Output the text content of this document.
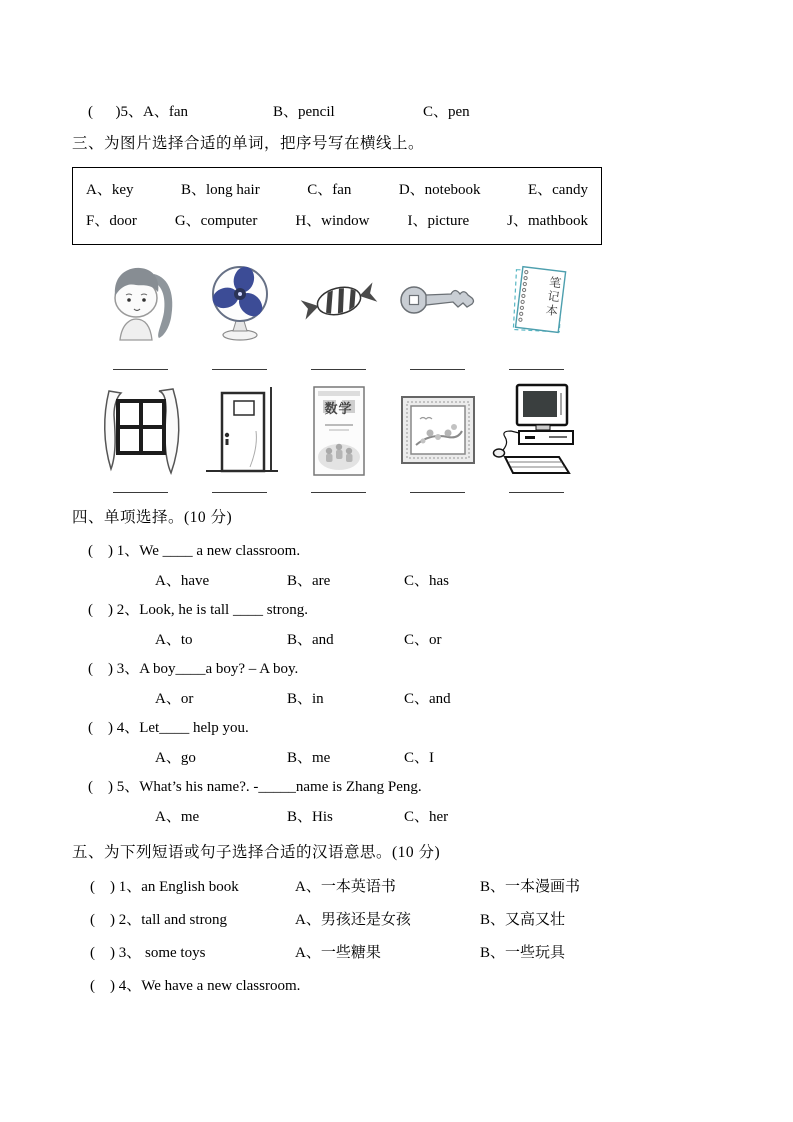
(      )5、 A、fan	B、pencil	C、pen
三、为图片选择合适的单词，把序号写在横线上。
A、key	B、long hair	C、fan	D、notebook	E、candy
F、door	G、computer	H、window	I、picture	J、mathbook
笔记本
数学
四、单项选择。(10 分)
(    ) 1、We ____ a new classroom.
A、have	B、are	C、has
(    ) 2、Look, he is tall ____ strong.
A、to	B、and	C、or
(    ) 3、A boy____a boy? – A boy.
A、or	B、in	C、and
(    ) 4、Let____ help you.
A、go	B、me	C、I
(    ) 5、What’s his name?. -_____name is Zhang Peng.
A、me	B、His	C、her
五、为下列短语或句子选择合适的汉语意思。(10 分)
(    ) 1、an English book	A、一本英语书	B、一本漫画书
(    ) 2、tall and strong	A、男孩还是女孩	B、又高又壮
(    ) 3、 some toys	A、一些糖果	B、一些玩具
(    ) 4、We have a new classroom.
